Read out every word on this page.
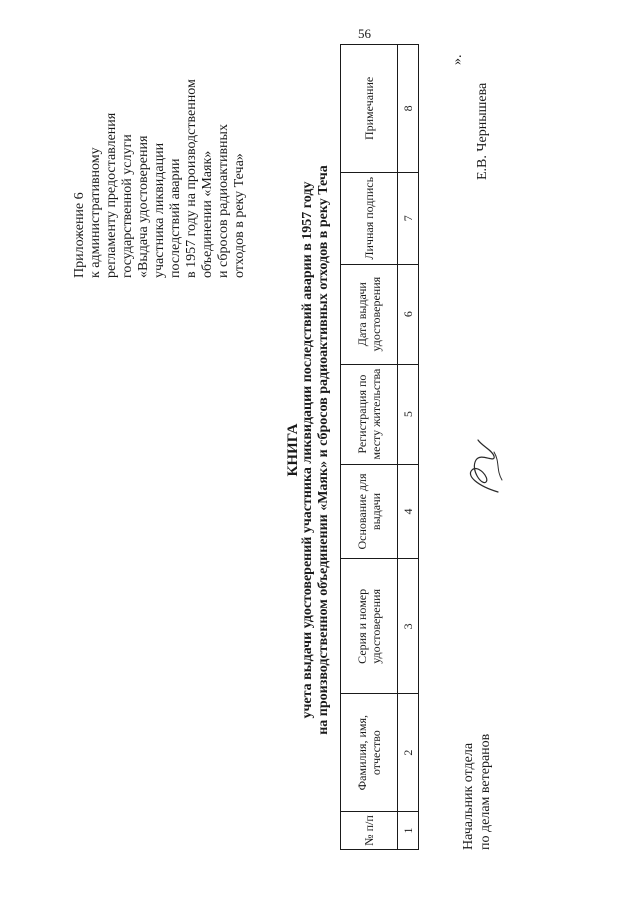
56
Приложение 6 к административному регламенту предоставления государственной услуги «Выдача удостоверения участника ликвидации последствий аварии в 1957 году на производственном объединении «Маяк» и сбросов радиоактивных отходов в реку Теча»
КНИГА учета выдачи удостоверений участника ликвидации последствий аварии в 1957 году на производственном объединении «Маяк» и сбросов радиоактивных отходов в реку Теча
№ п/п	Фамилия, имя, отчество	Серия и номер удостоверения	Основание для выдачи	Регистрация по месту жительства	Дата выдачи удостоверения	Личная подпись	Примечание
1	2	3	4	5	6	7	8
».
Начальник отдела по делам ветеранов
Е.В. Чернышева
